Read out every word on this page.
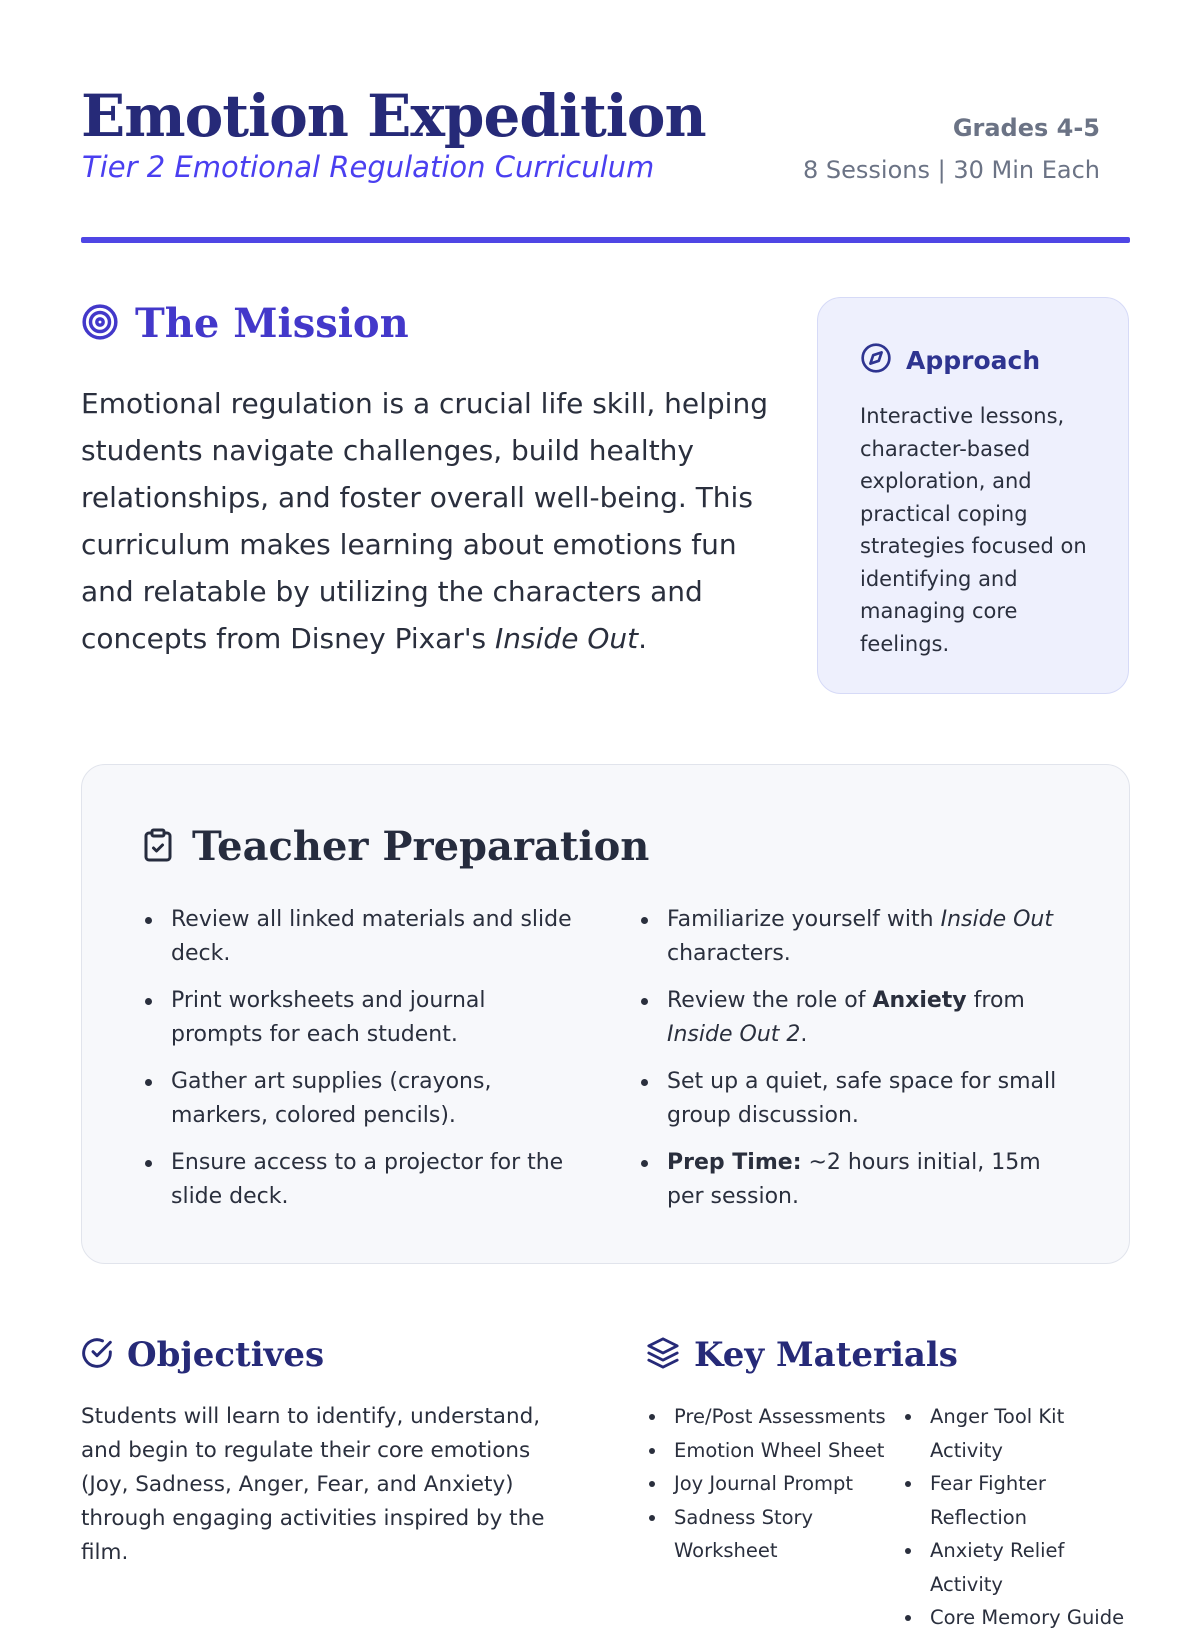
Emotion Expedition
Tier 2 Emotional Regulation Curriculum
Grades 4-5
8 Sessions | 30 Min Each
The Mission

Emotional regulation is a crucial life skill, helping students navigate challenges, build healthy relationships, and foster overall well-being. This curriculum makes learning about emotions fun and relatable by utilizing the characters and concepts from Disney Pixar's Inside Out.

Approach
Interactive lessons, character-based exploration, and practical coping strategies focused on identifying and managing core feelings.
Teacher Preparation
Review all linked materials and slide deck.
Print worksheets and journal prompts for each student.
Gather art supplies (crayons, markers, colored pencils).
Ensure access to a projector for the slide deck.
Familiarize yourself with Inside Out characters.
Review the role of Anxiety from Inside Out 2.
Set up a quiet, safe space for small group discussion.
Prep Time: ~2 hours initial, 15m per session.
Objectives

Students will learn to identify, understand, and begin to regulate their core emotions (Joy, Sadness, Anger, Fear, and Anxiety) through engaging activities inspired by the film.

Key Materials
Pre/Post Assessments
Emotion Wheel Sheet
Joy Journal Prompt
Sadness Story Worksheet
Anger Tool Kit Activity
Fear Fighter Reflection
Anxiety Relief Activity
Core Memory Guide
